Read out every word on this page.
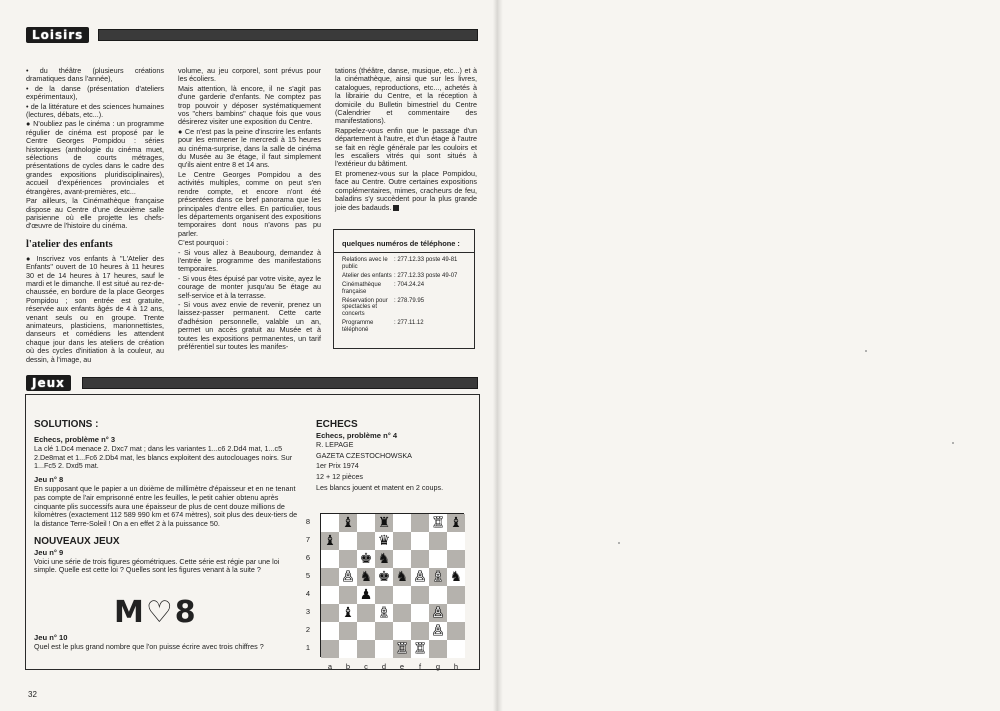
Loisirs

• du théâtre (plusieurs créations dramatiques dans l'année),

• de la danse (présentation d'ateliers expérimentaux),

• de la littérature et des sciences humaines (lectures, débats, etc...).

● N'oubliez pas le cinéma : un programme régulier de cinéma est proposé par le Centre Georges Pompidou : séries historiques (anthologie du cinéma muet, sélections de courts métrages, présentations de cycles dans le cadre des grandes expositions pluridisciplinaires), accueil d'expériences provinciales et étrangères, avant-premières, etc...

Par ailleurs, la Cinémathèque française dispose au Centre d'une deuxième salle parisienne où elle projette les chefs-d'œuvre de l'histoire du cinéma.

l'atelier des enfants

● Inscrivez vos enfants à "L'Atelier des Enfants" ouvert de 10 heures à 11 heures 30 et de 14 heures à 17 heures, sauf le mardi et le dimanche. Il est situé au rez-de-chaussée, en bordure de la place Georges Pompidou ; son entrée est gratuite, réservée aux enfants âgés de 4 à 12 ans, venant seuls ou en groupe. Trente animateurs, plasticiens, marionnettistes, danseurs et comédiens les attendent chaque jour dans les ateliers de création où des cycles d'initiation à la couleur, au dessin, à l'image, au

volume, au jeu corporel, sont prévus pour les écoliers.

Mais attention, là encore, il ne s'agit pas d'une garderie d'enfants. Ne comptez pas trop pouvoir y déposer systématiquement vos "chers bambins" chaque fois que vous désirerez visiter une exposition du Centre.

● Ce n'est pas la peine d'inscrire les enfants pour les emmener le mercredi à 15 heures au cinéma-surprise, dans la salle de cinéma du Musée au 3e étage, il faut simplement qu'ils aient entre 8 et 14 ans.

Le Centre Georges Pompidou a des activités multiples, comme on peut s'en rendre compte, et encore n'ont été présentées dans ce bref panorama que les principales d'entre elles. En particulier, tous les départements organisent des expositions temporaires dont nous n'avons pas pu parler.

C'est pourquoi :

- Si vous allez à Beaubourg, demandez à l'entrée le programme des manifestations temporaires.

- Si vous êtes épuisé par votre visite, ayez le courage de monter jusqu'au 5e étage au self-service et à la terrasse.

- Si vous avez envie de revenir, prenez un laissez-passer permanent. Cette carte d'adhésion personnelle, valable un an, permet un accès gratuit au Musée et à toutes les expositions permanentes, un tarif préférentiel sur toutes les manifes-

tations (théâtre, danse, musique, etc...) et à la cinémathèque, ainsi que sur les livres, catalogues, reproductions, etc..., achetés à la librairie du Centre, et la réception à domicile du Bulletin bimestriel du Centre (Calendrier et commentaire des manifestations).

Rappelez-vous enfin que le passage d'un département à l'autre, et d'un étage à l'autre se fait en règle générale par les couloirs et les escaliers vitrés qui sont situés à l'extérieur du bâtiment.

Et promenez-vous sur la place Pompidou, face au Centre. Outre certaines expositions complémentaires, mimes, cracheurs de feu, baladins s'y succèdent pour la plus grande joie des badauds.

quelques numéros de téléphone :
Relations avec le public
: 277.12.33 poste 49-81
Atelier des enfants : 277.12.33 poste 49-07
Cinémathèque française
: 704.24.24
Réservation pour spectacles et concerts
: 278.79.95
Programme téléphoné
: 277.11.12
Jeux
SOLUTIONS :
Echecs, problème n° 3

La clé 1.Dc4 menace 2. Dxc7 mat ; dans les variantes 1...c6 2.Dd4 mat, 1...c5 2.De8mat et 1...Fc6 2.Db4 mat, les blancs exploitent des autoclouages noirs. Sur 1...Fc5 2. Dxd5 mat.

Jeu n° 8

En supposant que le papier a un dixième de millimètre d'épaisseur et en ne tenant pas compte de l'air emprisonné entre les feuilles, le petit cahier obtenu après cinquante plis successifs aura une épaisseur de plus de cent douze millions de kilomètres (exactement 112 589 990 km et 674 mètres), soit plus des deux-tiers de la distance Terre-Soleil ! On a en effet 2 à la puissance 50.

NOUVEAUX JEUX
Jeu n° 9

Voici une série de trois figures géométriques. Cette série est régie par une loi simple. Quelle est cette loi ? Quelles sont les figures venant à la suite ?

M♡8
Jeu n° 10

Quel est le plus grand nombre que l'on puisse écrire avec trois chiffres ?

ECHECS
Echecs, problème n° 4

R. LEPAGE

GAZETA CZESTOCHOWSKA

1er Prix 1974

12 + 12 pièces

Les blancs jouent et matent en 2 coups.

♝ ♜	♖ ♝
♝	♛
♚ ♞
♙ ♞ ♚ ♞ ♙ ♗ ♞
♟
♝ ♗	♙
♙
♖ ♖
8
7
6
5
4
3
2
1
a	b	c	d	e	f	g	h
32
